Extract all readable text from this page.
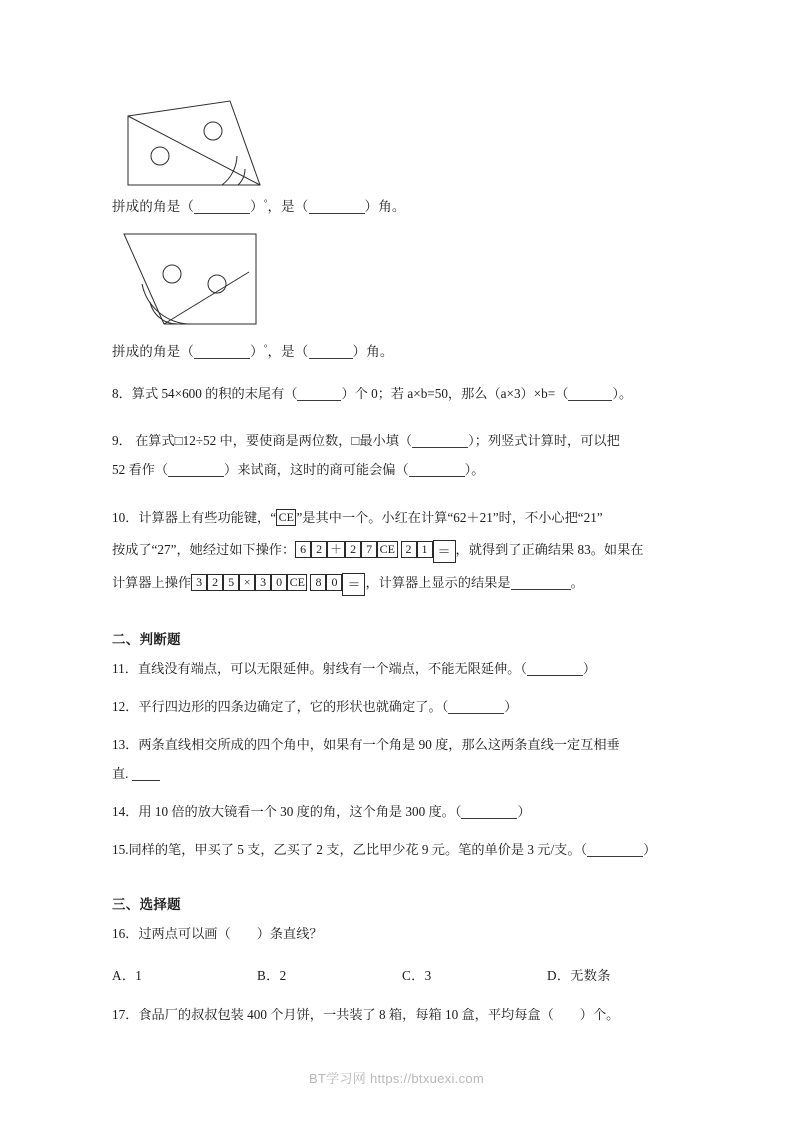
拼成的角是（	）°，是（	）角。
拼成的角是（	）°，是（	）角。
8．算式 54×600 的积的末尾有（	）个 0；若 a×b=50，那么（a×3）×b=（	）。
9． 在算式□12÷52 中，要使商是两位数，□最小填（	）；列竖式计算时，可以把
52 看作（	）来试商，这时的商可能会偏（	）。
10．计算器上有些功能键，“ CE ”是其中一个。小红在计算“62＋21”时，不小心把“21”
按成了“27”，她经过如下操作： 6 2 ＋ 2 7 CE 2 1 ＝ ，就得到了正确结果 83。如果在
计算器上操作 3 2 5 × 3 0 CE 8 0 ＝ ，计算器上显示的结果是	。
二、判断题
11．直线没有端点，可以无限延伸。射线有一个端点，不能无限延伸。（	）
12．平行四边形的四条边确定了，它的形状也就确定了。（	）
13．两条直线相交所成的四个角中，如果有一个角是 90 度，那么这两条直线一定互相垂
直.
14．用 10 倍的放大镜看一个 30 度的角，这个角是 300 度。（	）
15.同样的笔，甲买了 5 支，乙买了 2 支，乙比甲少花 9 元。笔的单价是 3 元/支。（	）
三、选择题
16．过两点可以画（ ）条直线？
A．1	B．2	C．3	D．无数条
17．食品厂的叔叔包装 400 个月饼，一共装了 8 箱，每箱 10 盒，平均每盒（ ）个。
BT学习网 https://btxuexi.com
